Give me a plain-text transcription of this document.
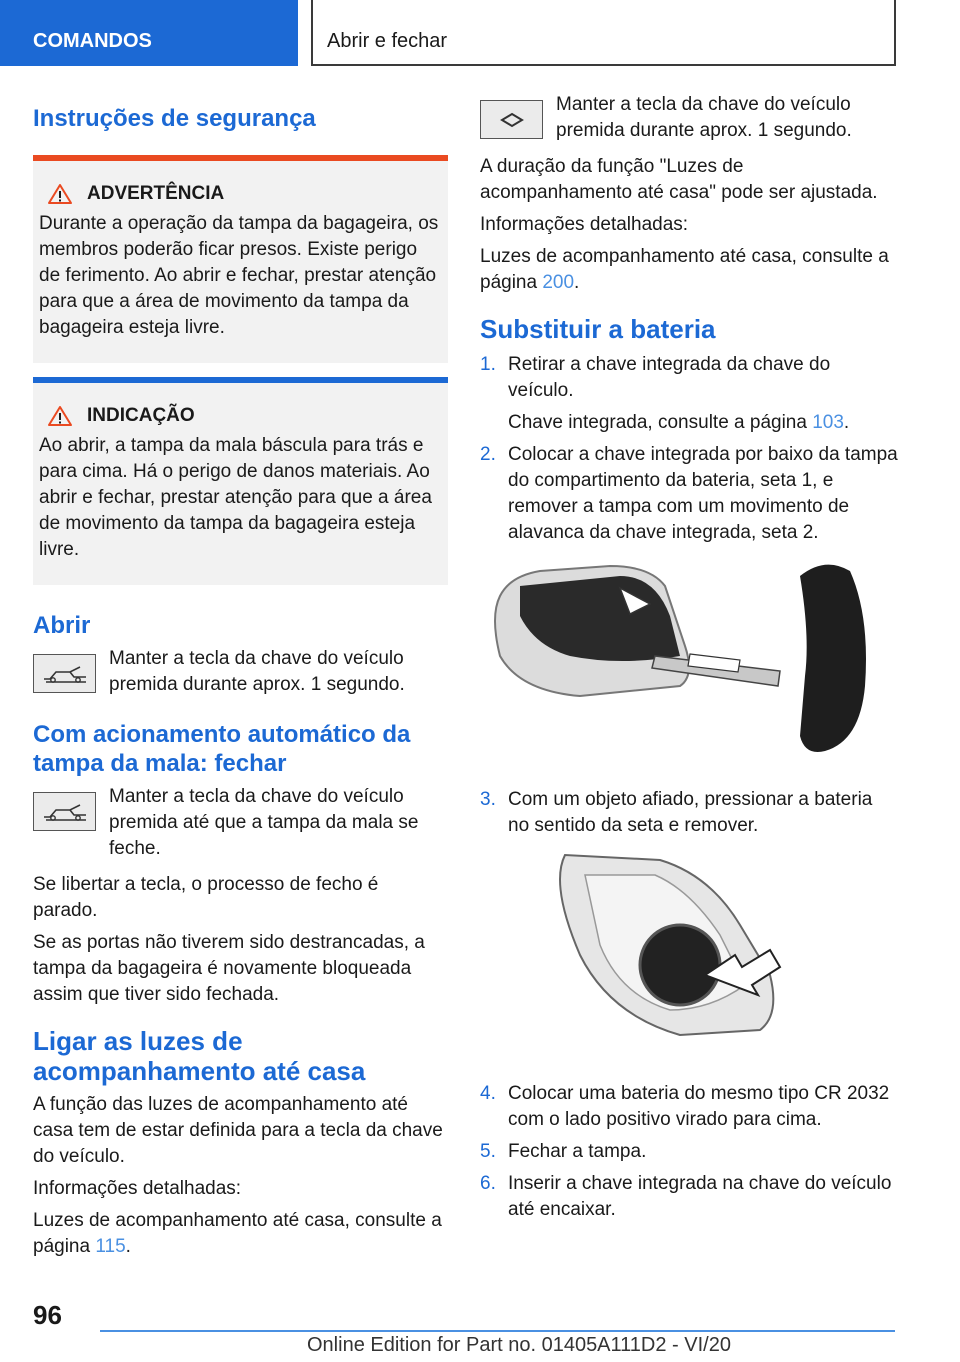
COMANDOS	Abrir e fechar
Instruções de segurança
ADVERTÊNCIA
Durante a operação da tampa da bagageira, os membros poderão ficar presos. Existe perigo de ferimento. Ao abrir e fechar, prestar atenção para que a área de movimento da tampa da bagageira esteja livre.
INDICAÇÃO
Ao abrir, a tampa da mala báscula para trás e para cima. Há o perigo de danos materiais. Ao abrir e fechar, prestar atenção para que a área de movimento da tampa da bagageira esteja livre.
Abrir
Manter a tecla da chave do veículo premida durante aprox. 1 segundo.
Com acionamento automático da tampa da mala: fechar
Manter a tecla da chave do veículo premida até que a tampa da mala se feche.

Se libertar a tecla, o processo de fecho é parado.

Se as portas não tiverem sido destrancadas, a tampa da bagageira é novamente bloqueada assim que tiver sido fechada.

Ligar as luzes de acompanhamento até casa

A função das luzes de acompanhamento até casa tem de estar definida para a tecla da chave do veículo.

Informações detalhadas:

Luzes de acompanhamento até casa, consulte a página 115.

Manter a tecla da chave do veículo premida durante aprox. 1 segundo.

A duração da função "Luzes de acompanhamento até casa" pode ser ajustada.

Informações detalhadas:

Luzes de acompanhamento até casa, consulte a página 200.

Substituir a bateria
1. Retirar a chave integrada da chave do veículo.
Chave integrada, consulte a página 103.
2. Colocar a chave integrada por baixo da tampa do compartimento da bateria, seta 1, e remover a tampa com um movimento de alavanca da chave integrada, seta 2.
3. Com um objeto afiado, pressionar a bateria no sentido da seta e remover.
4. Colocar uma bateria do mesmo tipo CR 2032 com o lado positivo virado para cima.
5. Fechar a tampa.
6. Inserir a chave integrada na chave do veículo até encaixar.
96
Online Edition for Part no. 01405A111D2 - VI/20
